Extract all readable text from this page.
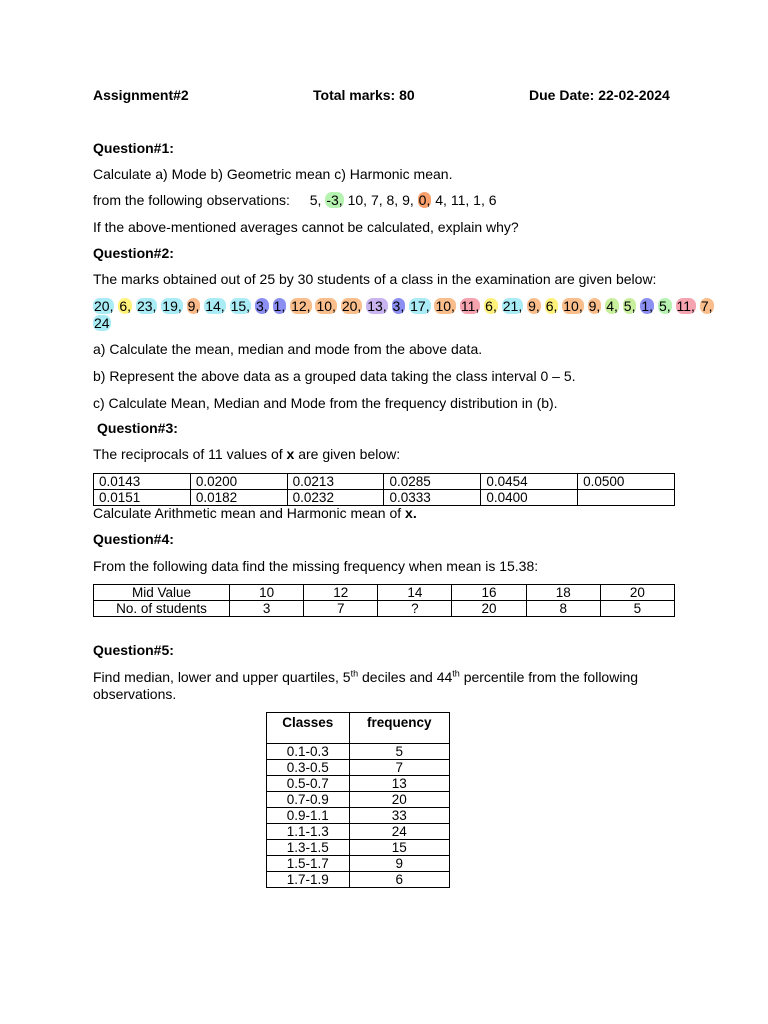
Assignment#2	Total marks: 80	Due Date: 22-02-2024
Question#1:
Calculate a) Mode b) Geometric mean c) Harmonic mean.
from the following observations: 5, -3, 10, 7, 8, 9, 0, 4, 11, 1, 6
If the above-mentioned averages cannot be calculated, explain why?
Question#2:
The marks obtained out of 25 by 30 students of a class in the examination are given below:
20, 6, 23, 19, 9, 14, 15, 3, 1, 12, 10, 20, 13, 3, 17, 10, 11, 6, 21, 9, 6, 10, 9, 4, 5, 1, 5, 11, 7,
24
a) Calculate the mean, median and mode from the above data.
b) Represent the above data as a grouped data taking the class interval 0 – 5.
c) Calculate Mean, Median and Mode from the frequency distribution in (b).
Question#3:
The reciprocals of 11 values of x are given below:
0.0143	0.0200	0.0213	0.0285	0.0454	0.0500
0.0151	0.0182	0.0232	0.0333	0.0400	
Calculate Arithmetic mean and Harmonic mean of x.
Question#4:
From the following data find the missing frequency when mean is 15.38:
Mid Value	10	12	14	16	18	20
No. of students	3	7	?	20	8	5
Question#5:
Find median, lower and upper quartiles, 5th deciles and 44th percentile from the following
observations.
Classes	frequency
0.1-0.3	5
0.3-0.5	7
0.5-0.7	13
0.7-0.9	20
0.9-1.1	33
1.1-1.3	24
1.3-1.5	15
1.5-1.7	9
1.7-1.9	6
